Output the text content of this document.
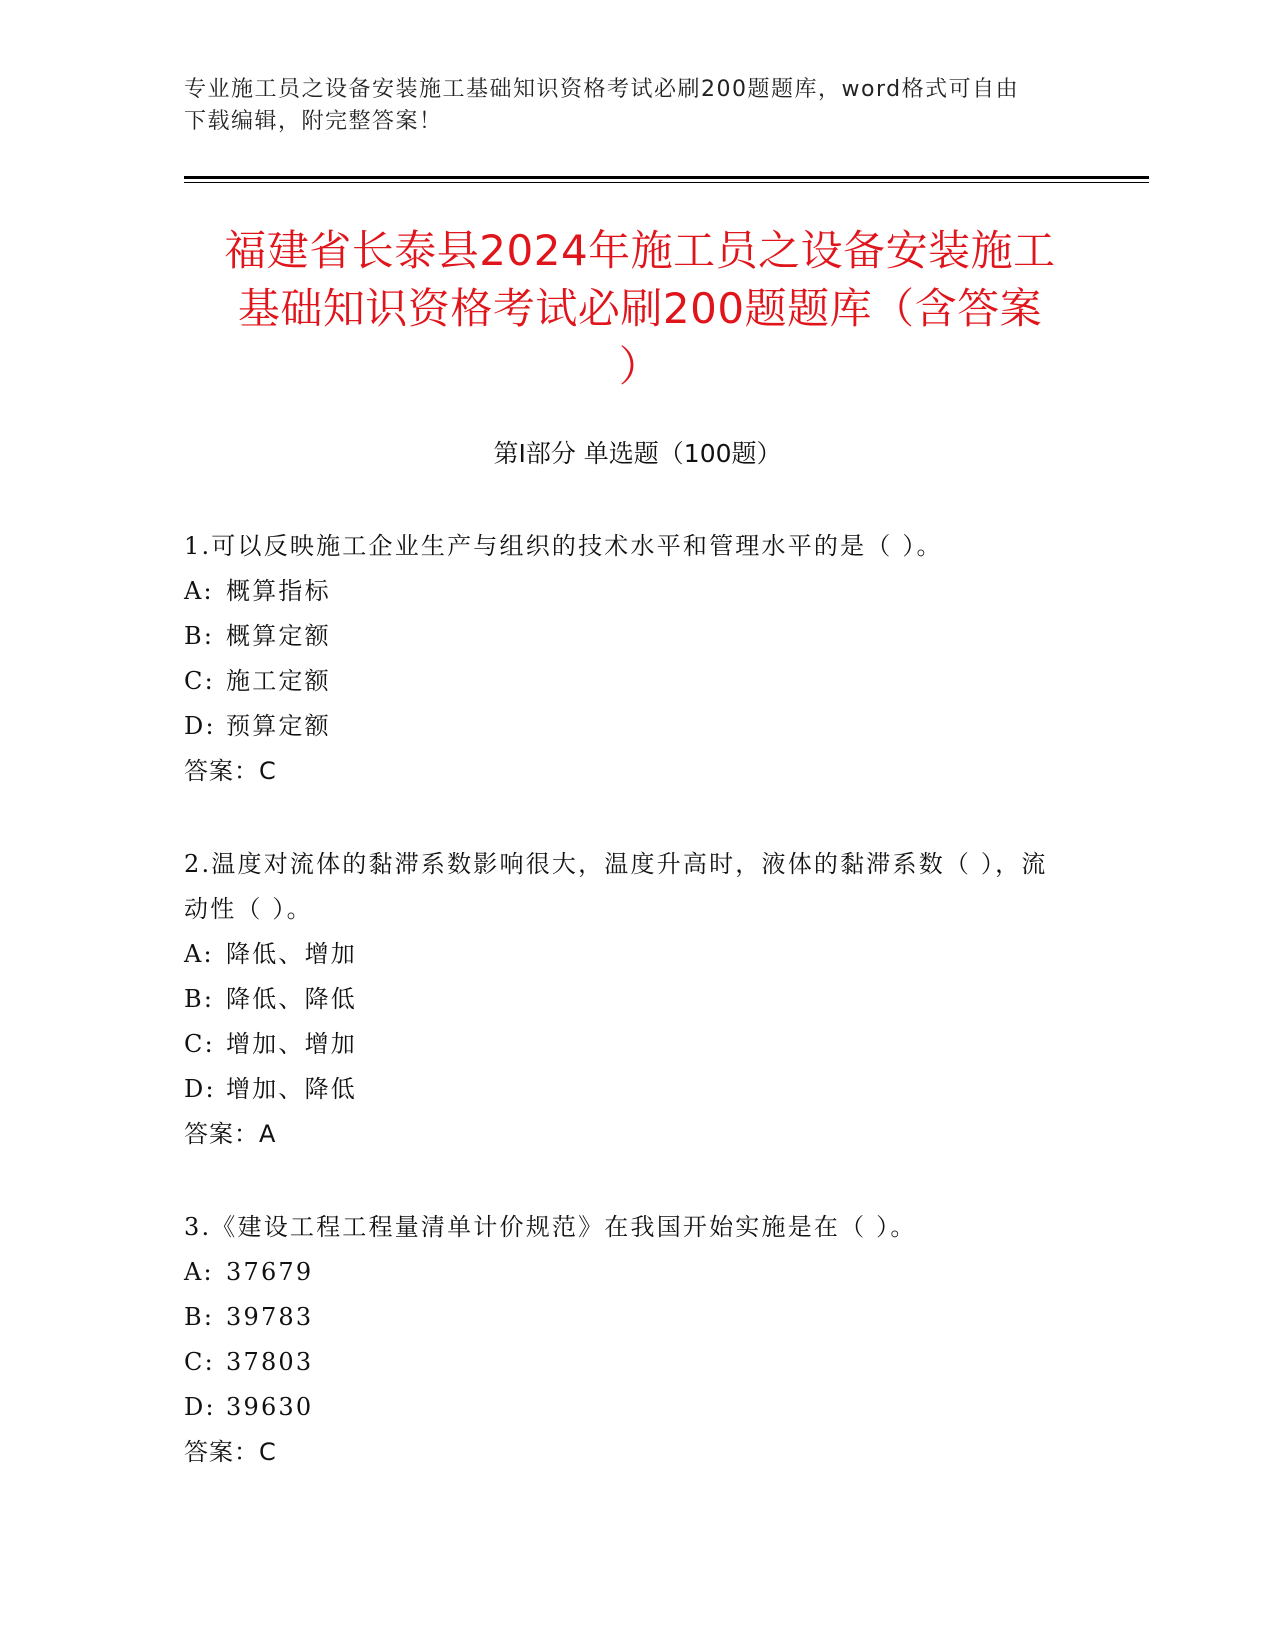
专业施工员之设备安装施工基础知识资格考试必刷200题题库，word格式可自由
下载编辑，附完整答案！
福建省长泰县2024年施工员之设备安装施工
基础知识资格考试必刷200题题库（含答案
）
第Ⅰ部分 单选题（100题）

1.可以反映施工企业生产与组织的技术水平和管理水平的是（ ）。

A: 概算指标

B: 概算定额

C: 施工定额

D: 预算定额

答案：C

2.温度对流体的黏滞系数影响很大，温度升高时，液体的黏滞系数（ ），流动性（ ）。

A: 降低、增加

B: 降低、降低

C: 增加、增加

D: 增加、降低

答案：A

3.《建设工程工程量清单计价规范》在我国开始实施是在（ ）。

A: 37679

B: 39783

C: 37803

D: 39630

答案：C
